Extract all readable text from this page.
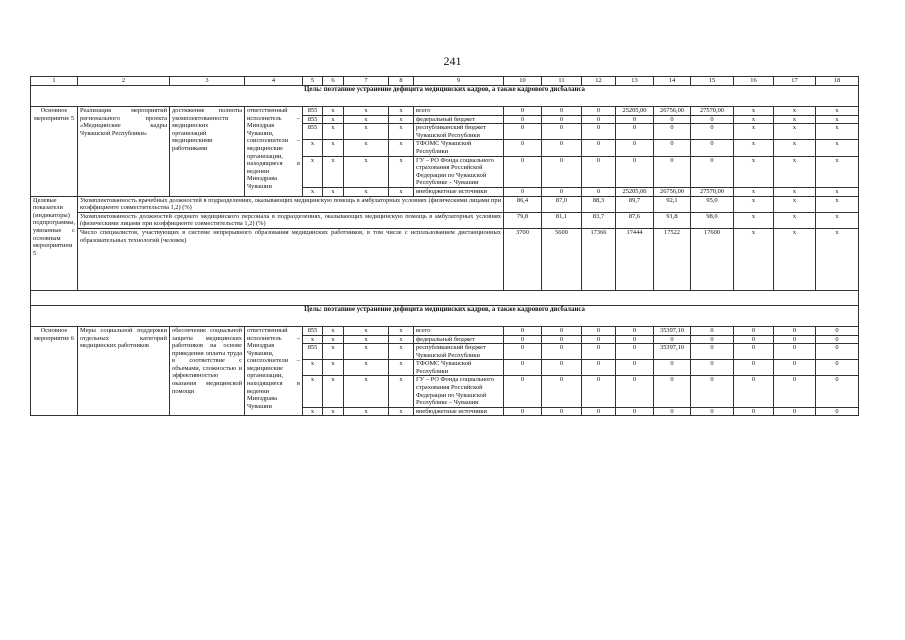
241
1	2	3	4	5	6	7	8	9	10	11	12	13	14	15	16	17	18
Цель: поэтапное устранение дефицита медицинских кадров, а также кадрового дисбаланса																	
Основное мероприятие 5	Реализация мероприятий регионального проекта «Медицинские кадры Чувашской Республики»	достижение полноты укомплектованности медицинских организаций медицинскими работниками	ответственный исполнитель – Минздрав Чувашии, соисполнители – медицинские организации, находящиеся в ведении Минздрава Чувашии	855	x	x	x	всего	0	0	0	25205,00	26756,00	27570,00	x	x	x
				855	x	x	x	федеральный бюджет	0	0	0	0	0	0	x	x	x
				855	x	x	x	республиканский бюджет Чувашской Республики	0	0	0	0	0	0	x	x	x
				x	x	x	x	ТФОМС Чувашской Республики	0	0	0	0	0	0	x	x	x
				x	x	x	x	ГУ – РО Фонда социального страхования Российской Федерации по Чувашской Республике – Чувашии	0	0	0	0	0	0	x	x	x
				x	x	x	x	внебюджетные источники	0	0	0	25205,00	26756,00	27570,00	x	x	x
Целевые показатели (индикаторы) подпрограммы, увязанные с основным мероприятием 5	Укомплектованность врачебных должностей в подразделениях, оказывающих медицинскую помощь в амбулаторных условиях (физическими лицами при коэффициенте совместительства 1,2) (%)								86,4	87,0	88,3	89,7	92,1	95,0	x	x	x
	Укомплектованность должностей среднего медицинского персонала в подразделениях, оказывающих медицинскую помощь в амбулаторных условиях (физическими лицами при коэффициенте совместительства 1,2) (%)								79,8	81,1	83,7	87,6	91,8	98,0	x	x	x
	Число специалистов, участвующих в системе непрерывного образования медицинских работников, в том числе с использованием дистанционных образовательных технологий (человек)								3700	5600	17366	17444	17522	17600	x	x	x

Цель: поэтапное устранение дефицита медицинских кадров, а также кадрового дисбаланса																	
Основное мероприятие 6	Меры социальной поддержки отдельных категорий медицинских работников	обеспечение социальной защиты медицинских работников на основе приведения оплаты труда в соответствие с объемами, сложностью и эффективностью оказания медицинской помощи	ответственный исполнитель – Минздрав Чувашии, соисполнители – медицинские организации, находящиеся в ведении Минздрава Чувашии	855	x	x	x	всего	0	0	0	0	35397,10	0	0	0	0
				x	x	x	x	федеральный бюджет	0	0	0	0	0	0	0	0	0
				855	x	x	x	республиканский бюджет Чувашской Республики	0	0	0	0	35397,10	0	0	0	0
				x	x	x	x	ТФОМС Чувашской Республики	0	0	0	0	0	0	0	0	0
				x	x	x	x	ГУ – РО Фонда социального страхования Российской Федерации по Чувашской Республике – Чувашии	0	0	0	0	0	0	0	0	0
				x	x	x	x	внебюджетные источники	0	0	0	0	0	0	0	0	0
